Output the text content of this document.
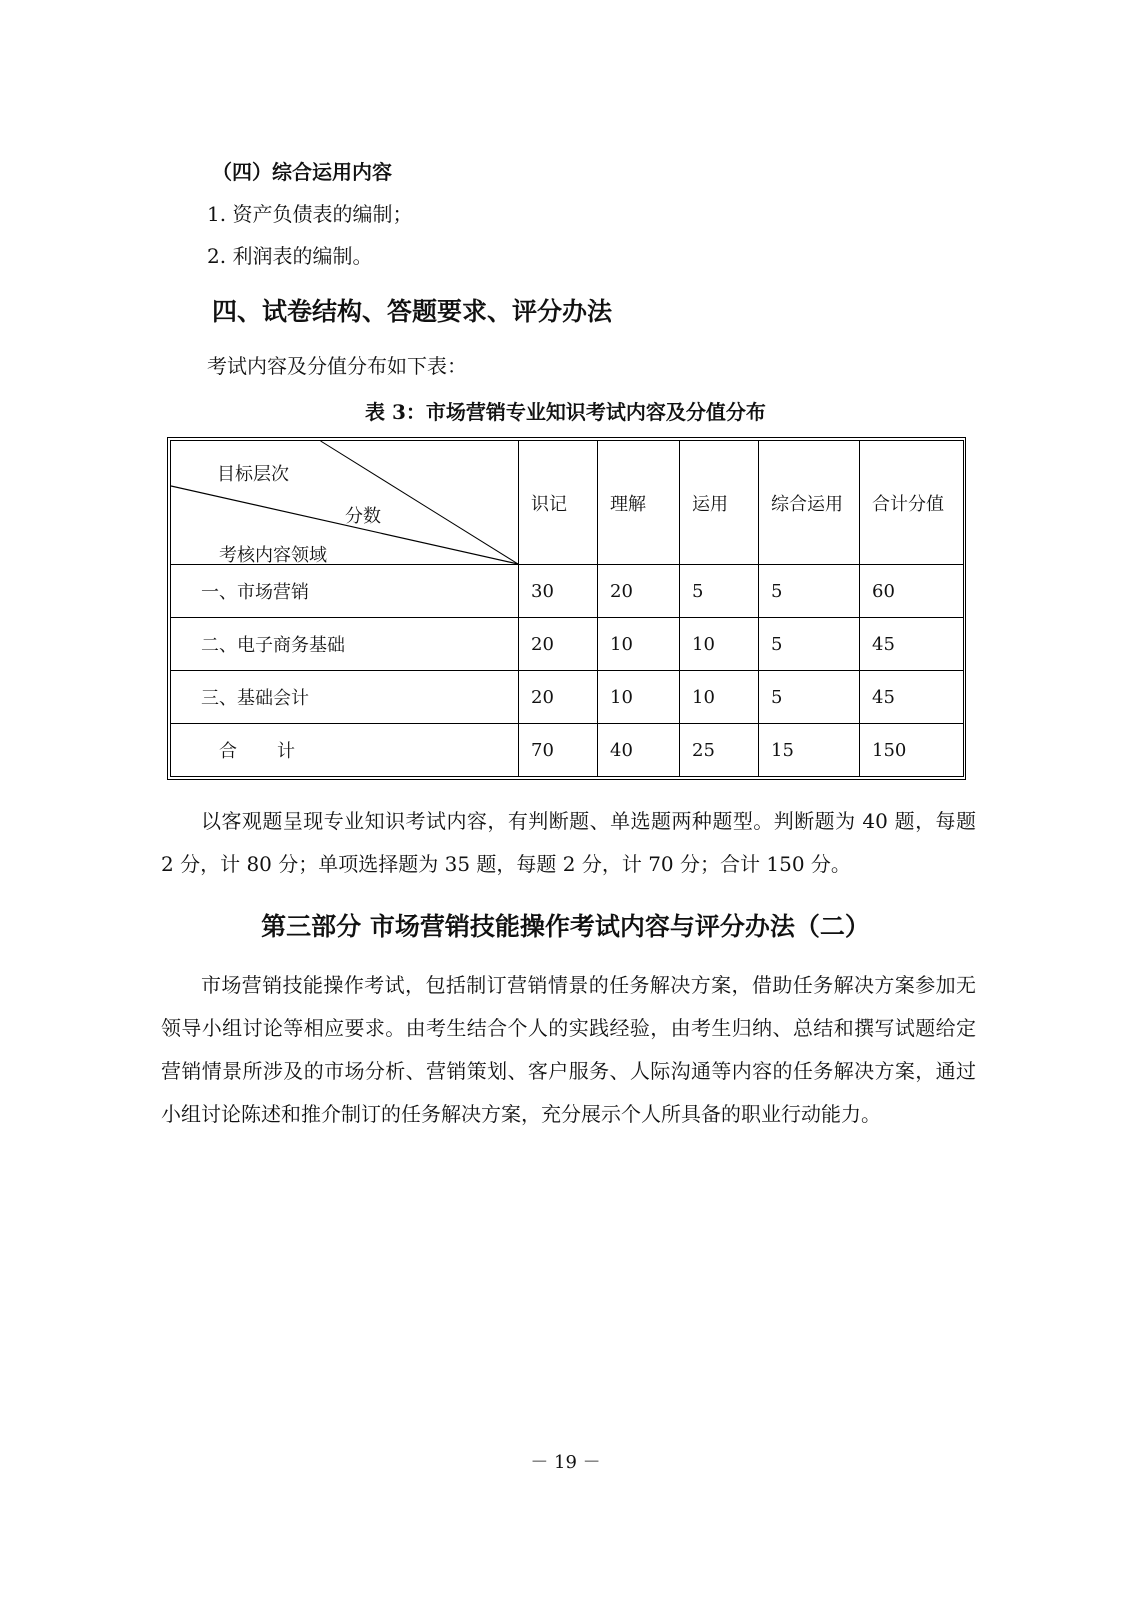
（四）综合运用内容

1. 资产负债表的编制；

2. 利润表的编制。

四、试卷结构、答题要求、评分办法

考试内容及分值分布如下表：

表 3：市场营销专业知识考试内容及分值分布

目标层次
分数
考核内容领域	识记	理解	运用	综合运用	合计分值
一、市场营销	30	20	5	5	60
二、电子商务基础	20	10	10	5	45
三、基础会计	20	10	10	5	45
合 计	70	40	25	15	150

以客观题呈现专业知识考试内容，有判断题、单选题两种题型。判断题为 40 题，每题 2 分，计 80 分；单项选择题为 35 题，每题 2 分，计 70 分；合计 150 分。

第三部分 市场营销技能操作考试内容与评分办法（二）

市场营销技能操作考试，包括制订营销情景的任务解决方案，借助任务解决方案参加无领导小组讨论等相应要求。由考生结合个人的实践经验，由考生归纳、总结和撰写试题给定营销情景所涉及的市场分析、营销策划、客户服务、人际沟通等内容的任务解决方案，通过小组讨论陈述和推介制订的任务解决方案，充分展示个人所具备的职业行动能力。

－ 19 －
